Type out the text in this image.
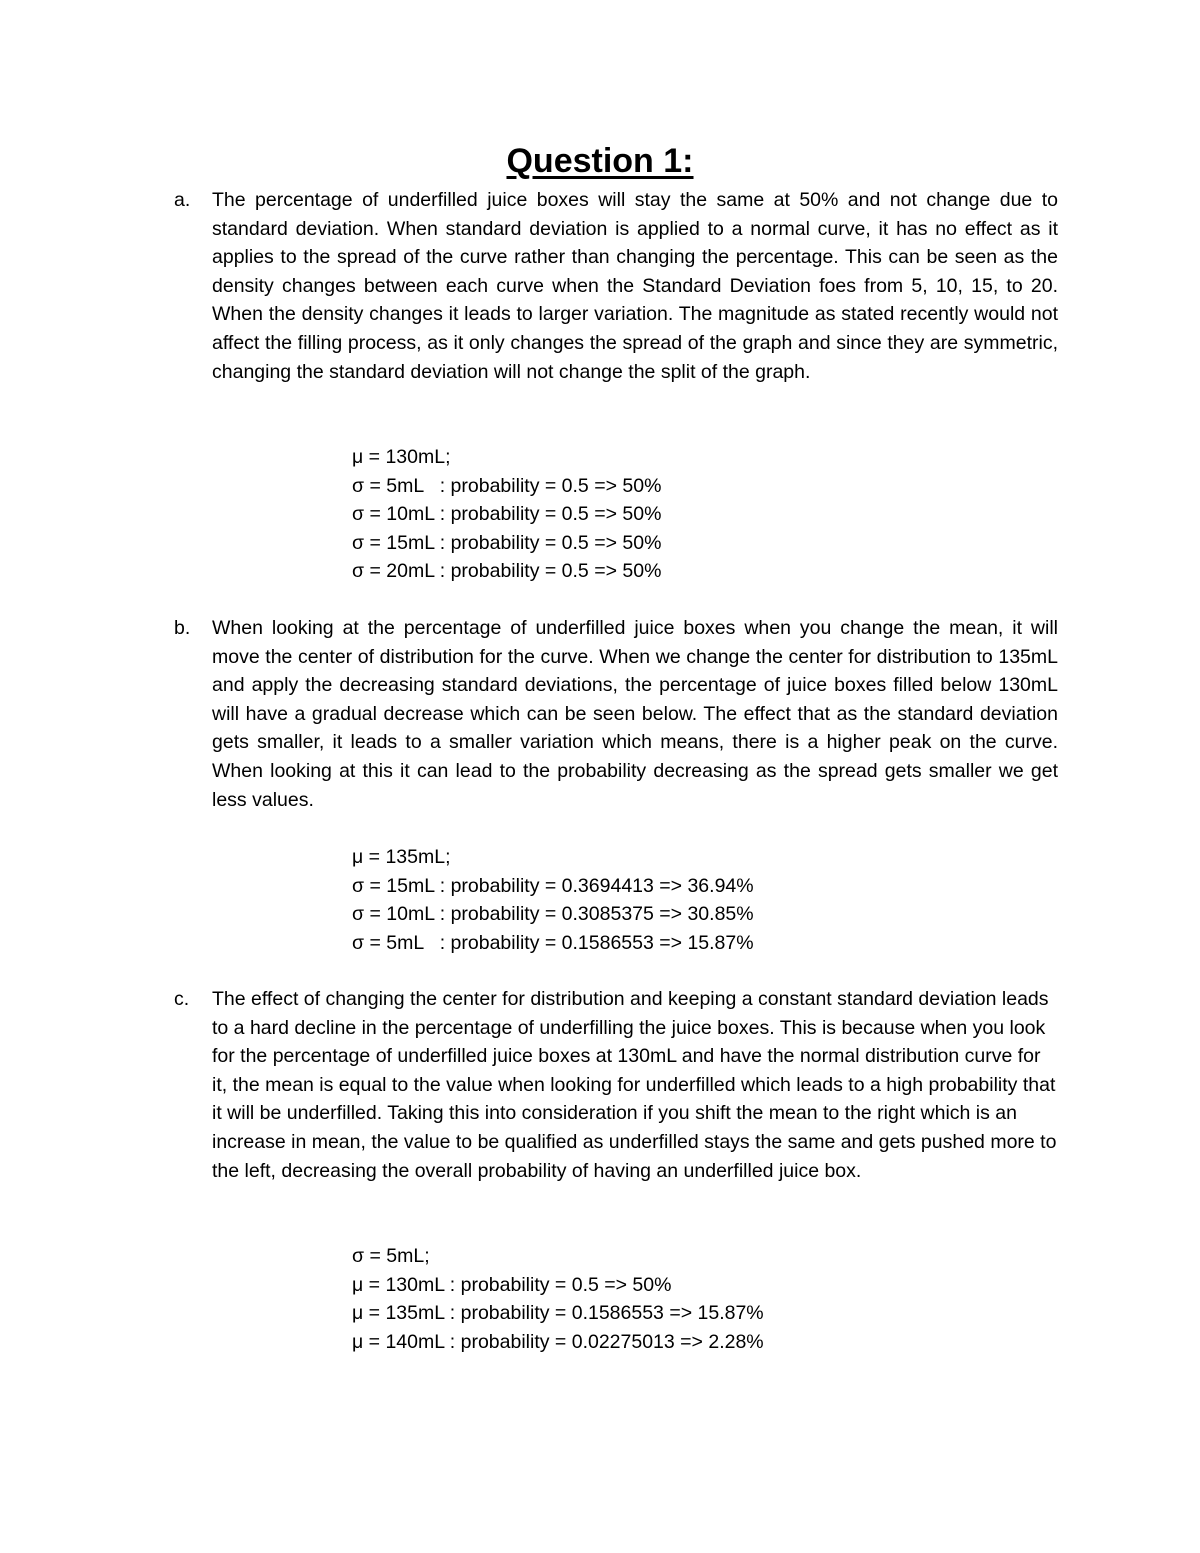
Question 1:
a.	The percentage of underfilled juice boxes will stay the same at 50% and not change due to standard deviation. When standard deviation is applied to a normal curve, it has no effect as it applies to the spread of the curve rather than changing the percentage. This can be seen as the density changes between each curve when the Standard Deviation foes from 5, 10, 15, to 20. When the density changes it leads to larger variation. The magnitude as stated recently would not affect the filling process, as it only changes the spread of the graph and since they are symmetric, changing the standard deviation will not change the split of the graph.
μ = 130mL;
σ = 5mL   : probability = 0.5 => 50%
σ = 10mL : probability = 0.5 => 50%
σ = 15mL : probability = 0.5 => 50%
σ = 20mL : probability = 0.5 => 50%
b.	When looking at the percentage of underfilled juice boxes when you change the mean, it will move the center of distribution for the curve. When we change the center for distribution to 135mL and apply the decreasing standard deviations, the percentage of juice boxes filled below 130mL will have a gradual decrease which can be seen below. The effect that as the standard deviation gets smaller, it leads to a smaller variation which means, there is a higher peak on the curve. When looking at this it can lead to the probability decreasing as the spread gets smaller we get less values.
μ = 135mL;
σ = 15mL : probability = 0.3694413 => 36.94%
σ = 10mL : probability = 0.3085375 => 30.85%
σ = 5mL   : probability = 0.1586553 => 15.87%
c.	The effect of changing the center for distribution and keeping a constant standard deviation leads to a hard decline in the percentage of underfilling the juice boxes. This is because when you look for the percentage of underfilled juice boxes at 130mL and have the normal distribution curve for it, the mean is equal to the value when looking for underfilled which leads to a high probability that it will be underfilled. Taking this into consideration if you shift the mean to the right which is an increase in mean, the value to be qualified as underfilled stays the same and gets pushed more to the left, decreasing the overall probability of having an underfilled juice box.
σ = 5mL;
μ = 130mL : probability = 0.5 => 50%
μ = 135mL : probability = 0.1586553 => 15.87%
μ = 140mL : probability = 0.02275013 => 2.28%
